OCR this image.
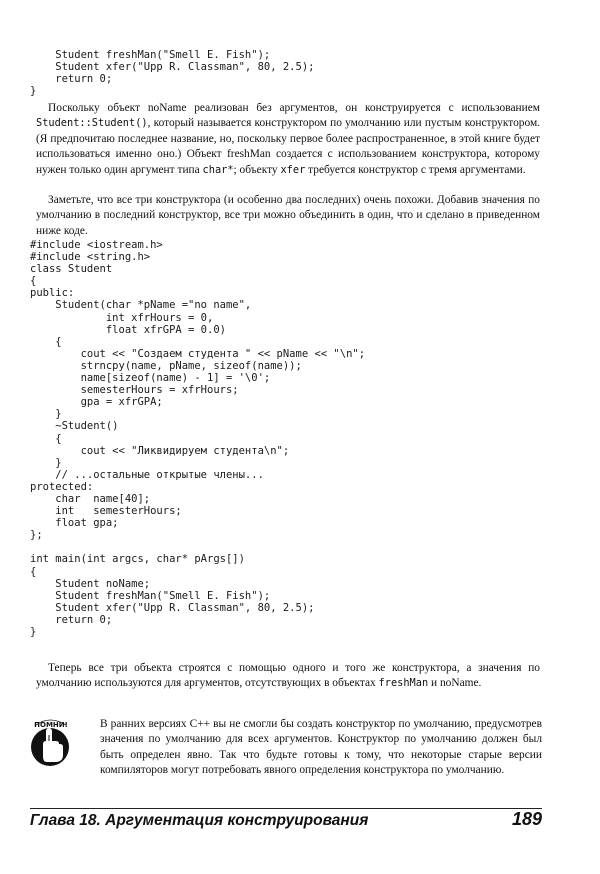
Student freshMan("Smell E. Fish");
Student xfer("Upp R. Classman", 80, 2.5);
return 0;
}

Поскольку объект noName реализован без аргументов, он конструируется с использованием Student::Student(), который называется конструктором по умолчанию или пустым конструктором. (Я предпочитаю последнее название, но, поскольку первое более распространенное, в этой книге будет использоваться именно оно.) Объект freshMan создается с использованием конструктора, которому нужен только один аргумент типа char*; объекту xfer требуется конструктор с тремя аргументами.

Заметьте, что все три конструктора (и особенно два последних) очень похожи. Добавив значения по умолчанию в последний конструктор, все три можно объединить в один, что и сделано в приведенном ниже коде.

#include <iostream.h>
#include <string.h>
class Student
{
public:
Student(char *pName ="no name",
int xfrHours = 0,
float xfrGPA = 0.0)
{
cout << "Создаем студента " << pName << "\n";
strncpy(name, pName, sizeof(name));
name[sizeof(name) - 1] = '\0';
semesterHours = xfrHours;
gpa = xfrGPA;
}
~Student()
{
cout << "Ликвидируем студента\n";
}
// ...остальные открытые члены...
protected:
char  name[40];
int   semesterHours;
float gpa;
};

int main(int argcs, char* pArgs[])
{
Student noName;
Student freshMan("Smell E. Fish");
Student xfer("Upp R. Classman", 80, 2.5);
return 0;
}

Теперь все три объекта строятся с помощью одного и того же конструктора, а значения по умолчанию используются для аргументов, отсутствующих в объектах freshMan и noName.

ПОМНИ!	В ранних версиях С++ вы не смогли бы создать конструктор по умолчанию, предусмотрев значения по умолчанию для всех аргументов. Конструктор по умолчанию должен был быть определен явно. Так что будьте готовы к тому, что некоторые старые версии компиляторов могут потребовать явного определения конструктора по умолчанию.

Глава 18. Аргументация конструирования	189
